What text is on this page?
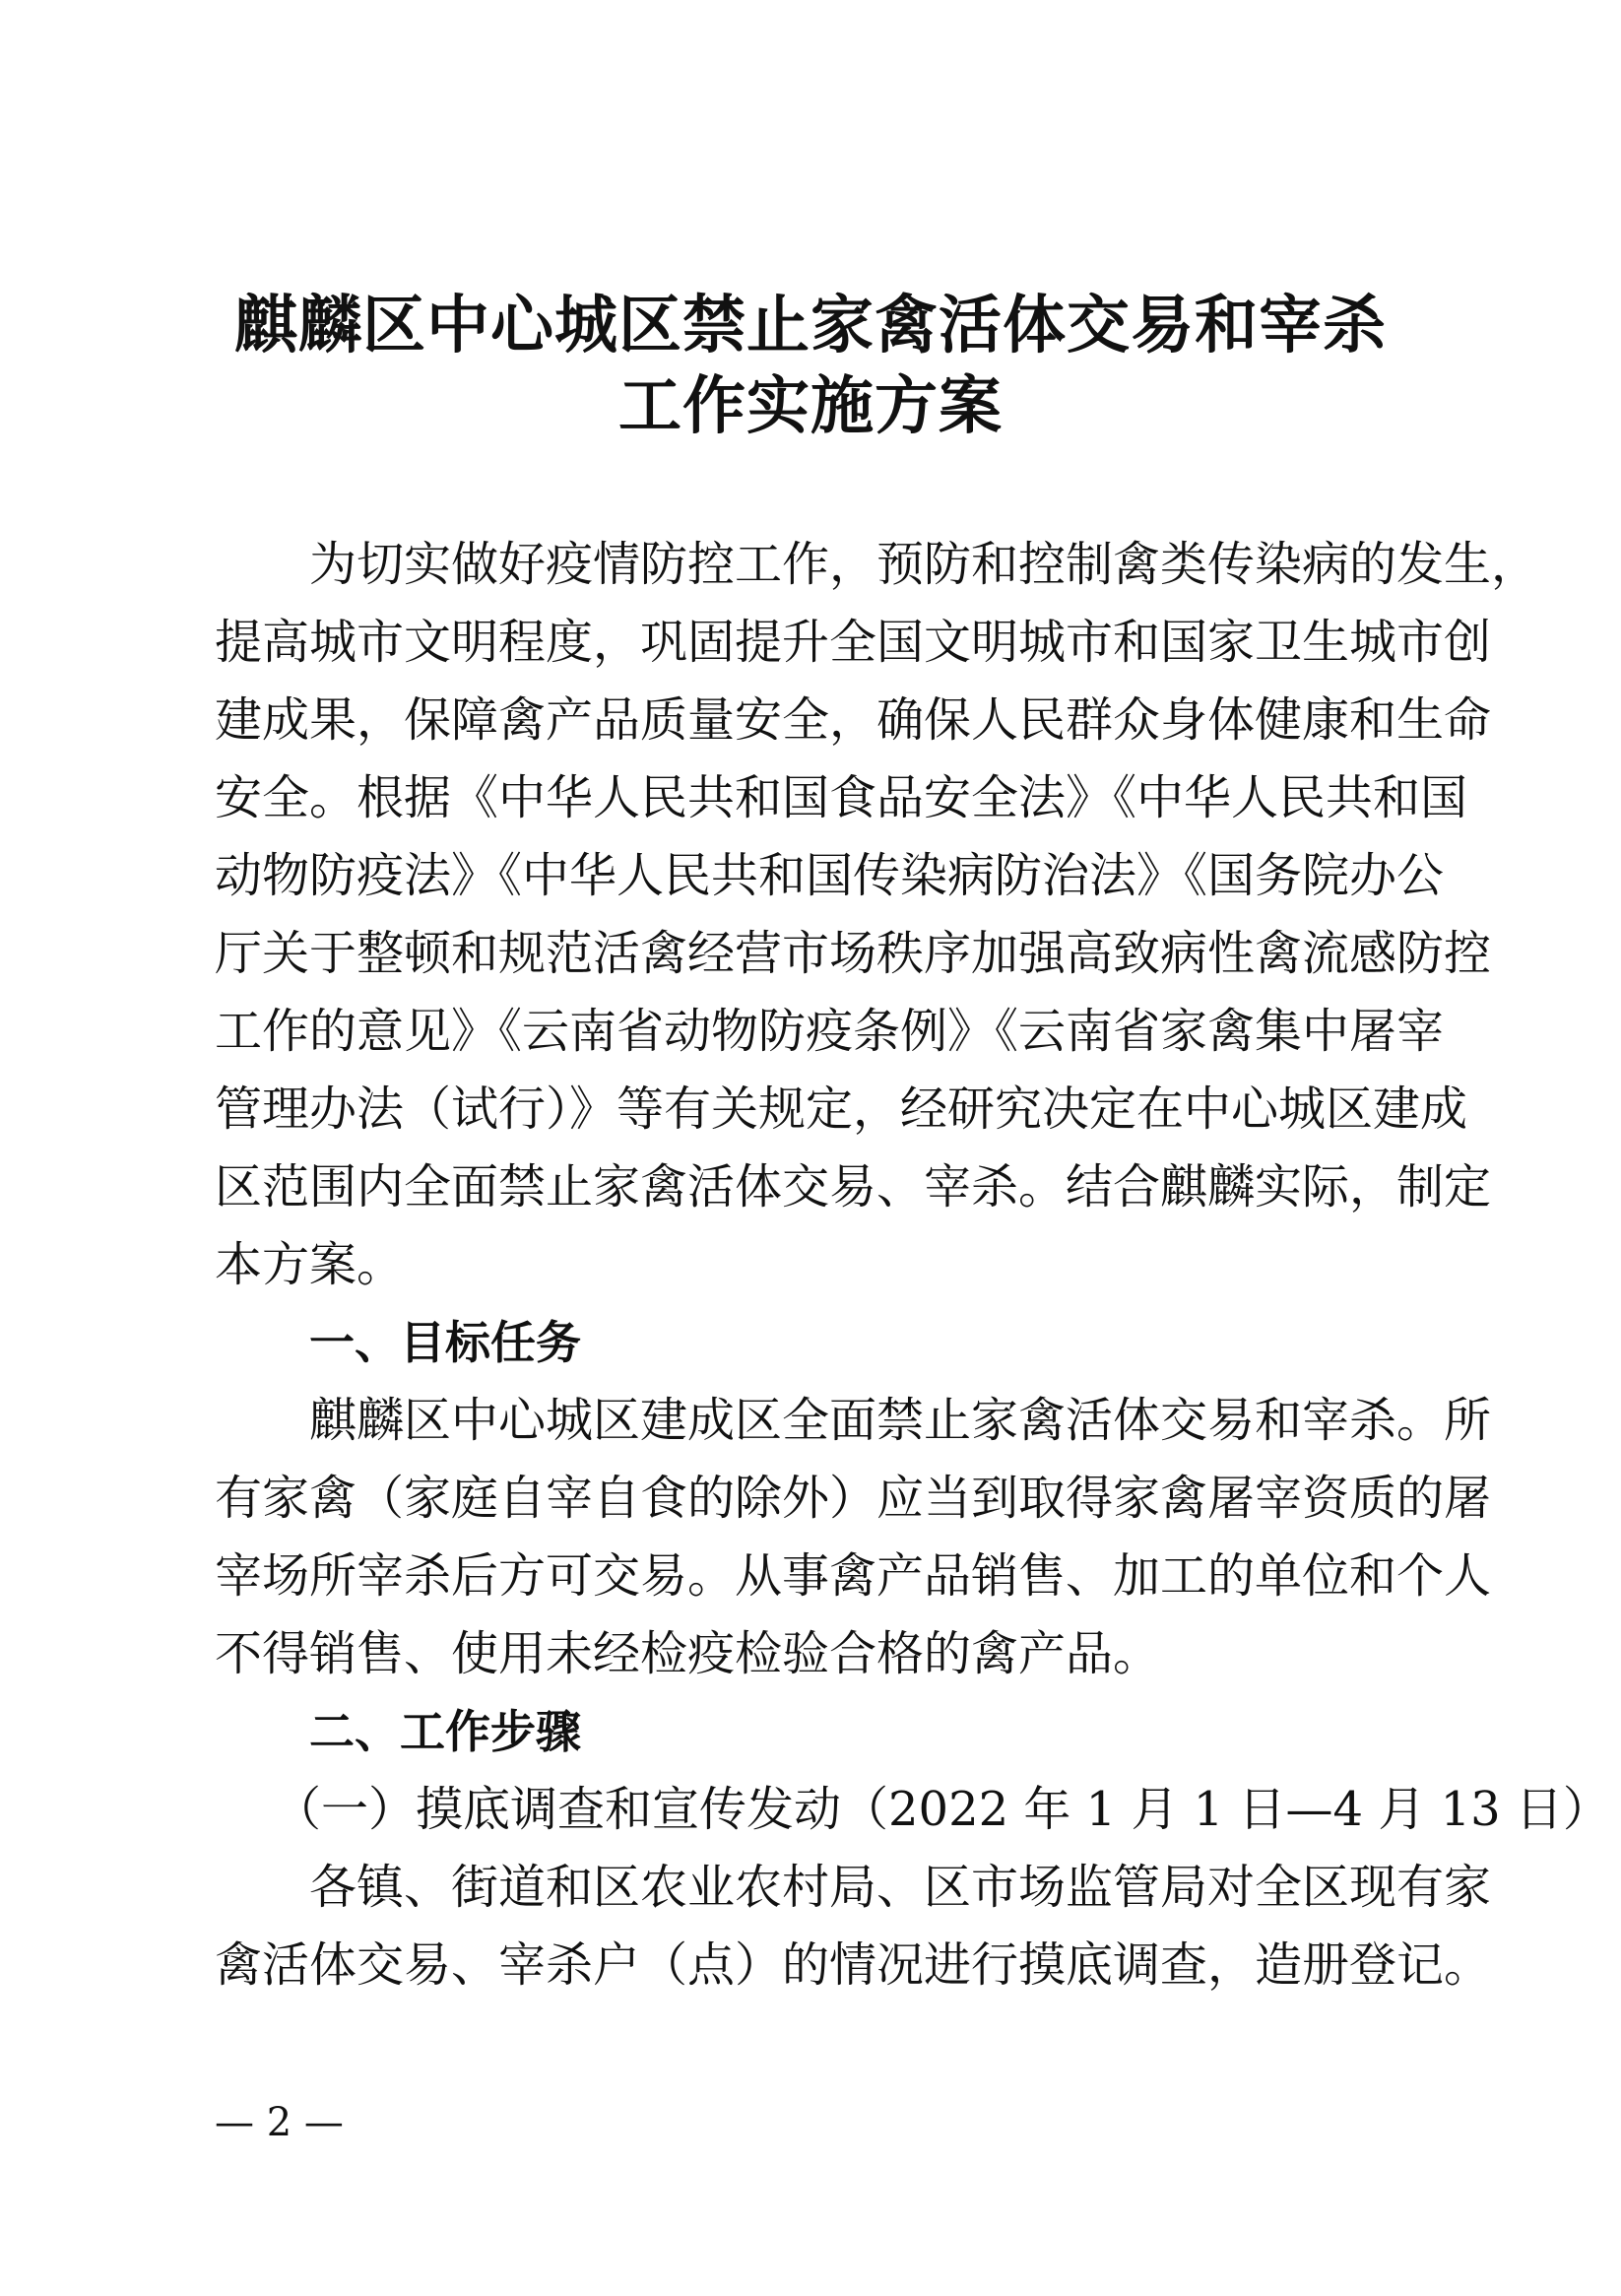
麒麟区中心城区禁止家禽活体交易和宰杀
工作实施方案
为切实做好疫情防控工作，预防和控制禽类传染病的发生，
提高城市文明程度，巩固提升全国文明城市和国家卫生城市创
建成果，保障禽产品质量安全，确保人民群众身体健康和生命
安全。根据《中华人民共和国食品安全法》《中华人民共和国
动物防疫法》《中华人民共和国传染病防治法》《国务院办公
厅关于整顿和规范活禽经营市场秩序加强高致病性禽流感防控
工作的意见》《云南省动物防疫条例》《云南省家禽集中屠宰
管理办法（试行）》等有关规定，经研究决定在中心城区建成
区范围内全面禁止家禽活体交易、宰杀。结合麒麟实际，制定
本方案。
一、目标任务
麒麟区中心城区建成区全面禁止家禽活体交易和宰杀。所
有家禽（家庭自宰自食的除外）应当到取得家禽屠宰资质的屠
宰场所宰杀后方可交易。从事禽产品销售、加工的单位和个人
不得销售、使用未经检疫检验合格的禽产品。
二、工作步骤
（一）摸底调查和宣传发动（2022 年 1 月 1 日—4 月 13 日）
各镇、街道和区农业农村局、区市场监管局对全区现有家
禽活体交易、宰杀户（点）的情况进行摸底调查，造册登记。
— 2 —
